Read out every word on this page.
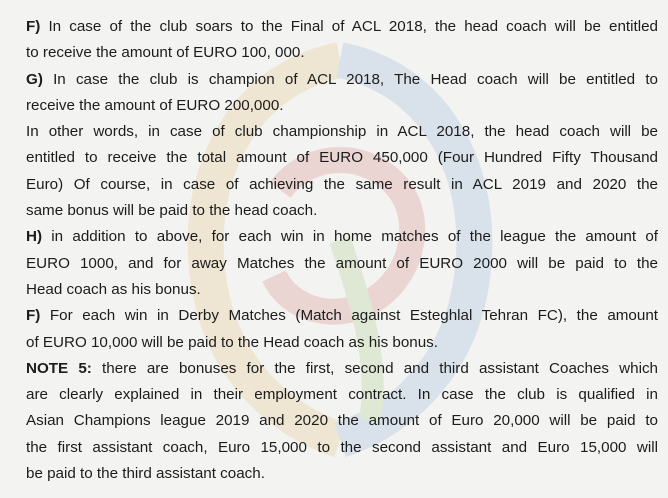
F) In case of the club soars to the Final of ACL 2018, the head coach will be entitled
to receive the amount of EURO 100, 000.
G) In case the club is champion of ACL 2018, The Head coach will be entitled to
receive the amount of EURO 200,000.
In other words, in case of club championship in ACL 2018, the head coach will be
entitled to receive the total amount of EURO 450,000 (Four Hundred Fifty Thousand
Euro) Of course, in case of achieving the same result in ACL 2019 and 2020 the
same bonus will be paid to the head coach.
H) in addition to above, for each win in home matches of the league the amount of
EURO 1000, and for away Matches the amount of EURO 2000 will be paid to the
Head coach as his bonus.
F) For each win in Derby Matches (Match against Esteghlal Tehran FC), the amount
of EURO 10,000 will be paid to the Head coach as his bonus.
NOTE 5: there are bonuses for the first, second and third assistant Coaches which
are clearly explained in their employment contract. In case the club is qualified in
Asian Champions league 2019 and 2020 the amount of Euro 20,000 will be paid to
the first assistant coach, Euro 15,000 to the second assistant and Euro 15,000 will
be paid to the third assistant coach.
